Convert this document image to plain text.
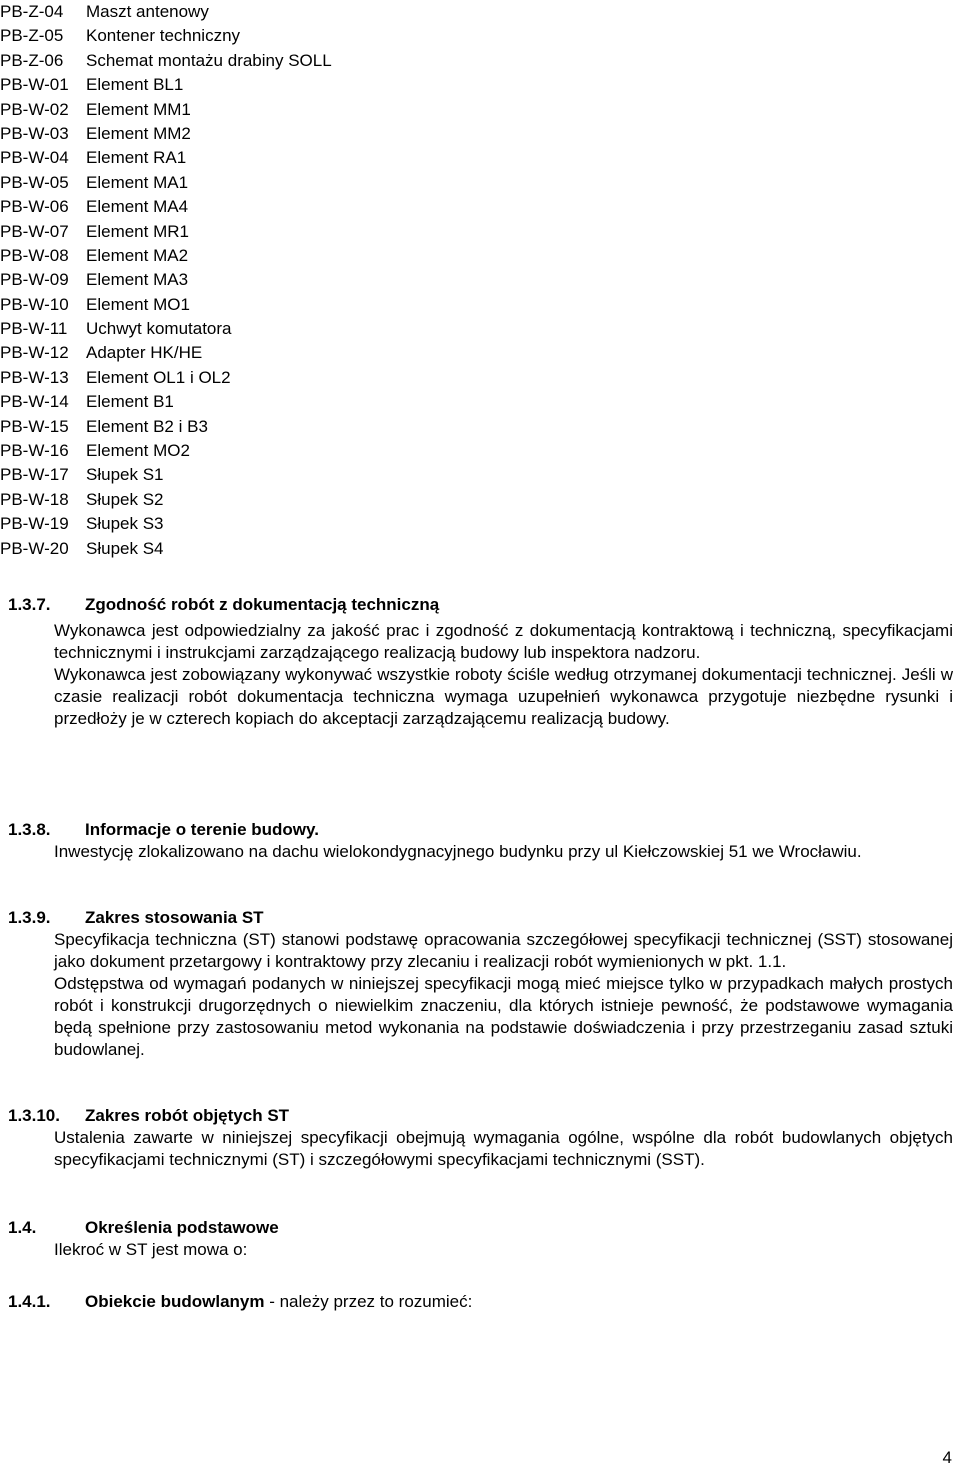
PB-Z-04 Maszt antenowy
PB-Z-05 Kontener techniczny
PB-Z-06 Schemat montażu drabiny SOLL
PB-W-01 Element BL1
PB-W-02 Element MM1
PB-W-03 Element MM2
PB-W-04 Element RA1
PB-W-05 Element MA1
PB-W-06 Element MA4
PB-W-07 Element MR1
PB-W-08 Element MA2
PB-W-09 Element MA3
PB-W-10 Element MO1
PB-W-11 Uchwyt komutatora
PB-W-12 Adapter HK/HE
PB-W-13 Element OL1 i OL2
PB-W-14 Element B1
PB-W-15 Element B2 i B3
PB-W-16 Element MO2
PB-W-17 Słupek S1
PB-W-18 Słupek S2
PB-W-19 Słupek S3
PB-W-20 Słupek S4
1.3.7. Zgodność robót z dokumentacją techniczną

Wykonawca jest odpowiedzialny za jakość prac i zgodność z dokumentacją kontraktową i techniczną, specyfikacjami technicznymi i instrukcjami zarządzającego realizacją budowy lub inspektora nadzoru.

Wykonawca jest zobowiązany wykonywać wszystkie roboty ściśle według otrzymanej dokumentacji technicznej. Jeśli w czasie realizacji robót dokumentacja techniczna wymaga uzupełnień wykonawca przygotuje niezbędne rysunki i przedłoży je w czterech kopiach do akceptacji zarządzającemu realizacją budowy.

1.3.8. Informacje o terenie budowy.

Inwestycję zlokalizowano na dachu wielokondygnacyjnego budynku przy ul Kiełczowskiej 51 we Wrocławiu.

1.3.9. Zakres stosowania ST

Specyfikacja techniczna (ST) stanowi podstawę opracowania szczegółowej specyfikacji technicznej (SST) stosowanej jako dokument przetargowy i kontraktowy przy zlecaniu i realizacji robót wymienionych w pkt. 1.1.

Odstępstwa od wymagań podanych w niniejszej specyfikacji mogą mieć miejsce tylko w przypadkach małych prostych robót i konstrukcji drugorzędnych o niewielkim znaczeniu, dla których istnieje pewność, że podstawowe wymagania będą spełnione przy zastosowaniu metod wykonania na podstawie doświadczenia i przy przestrzeganiu zasad sztuki budowlanej.

1.3.10. Zakres robót objętych ST

Ustalenia zawarte w niniejszej specyfikacji obejmują wymagania ogólne, wspólne dla robót budowlanych objętych specyfikacjami technicznymi (ST) i szczegółowymi specyfikacjami technicznymi (SST).

1.4.	Określenia podstawowe

Ilekroć w ST jest mowa o:

1.4.1. Obiekcie budowlanym - należy przez to rozumieć:
4
